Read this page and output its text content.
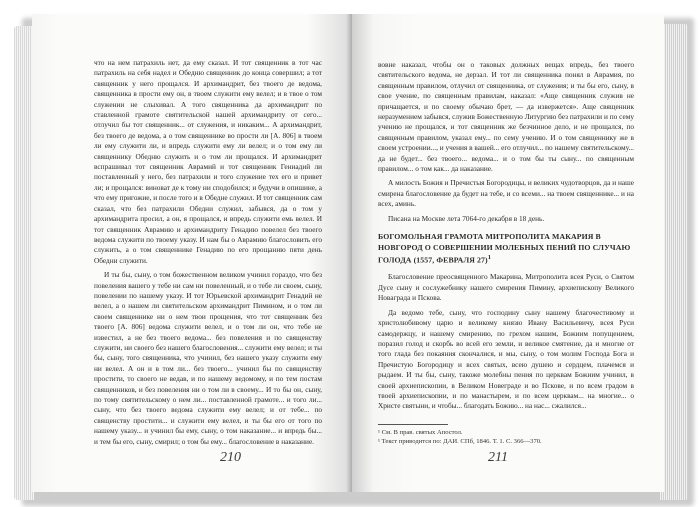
что на нем патрахиль нет, да ему сказал. И тот священник в тот час патрахиль на себя надел и Обедню священник до конца совершил; а тот священник у него прощался. И архимандрит, без твоего де ведома, священника в прости ему он, в твоем служити ему велел; и в твое о том служении не слыхивал. А того священника да архимандрит по ставленной грамоте святительской нашей архимандриту от сего... отлучил бы тот священник... от служения, и никаким... А архимандрит, без твоего де ведома, а о том священнике во прости ли [А. 806] в твоем ли ему служити ли, и впредь служити ему ли велел; и о том ему ли священнику Обедню служить и о том ли прощался. И архимандрит вспрашивал тот священник Аврамий и тот священник Гениадий ли поставленный у него, без патрахили и того служение тех его и привет ли; и прощался: виноват де к тому ни сподобился; и будучи в опишине, а что ему пригожие, и после того и в Обедне служил. И тот священник сам сказал, что без патрахили Обедни служил, забывся, да о том у архимандрита просил, а он, я прощался, и впредь служити емь велел. И тот священник Аврамию и архимандриту Генадию повелел без твоего ведома служити по твоему указу. И нам бы о Аврамию благословить его служить, а о том священнике Генадию по его прощанию пяти день Обедни служити.

И ты бы, сыну, о том божественном великом учинил гораздо, что без повеления вашего у тебе ни сам ни повеленный, и о тебе ли своем, сыну, повелении по нашему указу. И тот Юрьевской архимандрит Генадий не велел, а о нашем ли святительском архимандрит Пимином, и о том ли своем священнике ни о нем твои прощения, что тот священник без твоего [А. 806] ведома служити велел, и о том ли он, что тебе не известил, а не без твоего ведома... без повеления и по священству служити, ни своего без нашего благословения... служити ему велел; и ты бы, сыну, того священника, что учинил, без нашего указу служити ему ни велел. А он и в том ли... без твоего... учинил бы по священству простити, то своего не ведав, и по нашему ведомому, и по тем постам священников, и без повеления ни о том ли в своему... И то бы он, сыну, по тому святительскому о нем ли... поставленной грамоте... и того ли... сыну, что без твоего ведома служити ему велел; и от тебе... по священству простити... и служити ему велел, и ты бы его от того по нашему указу... и учинил бы ему, сыну, о том наказание... и впредь бы... и тем бы его, сыну, смирил; о том бы ему... благословение в наказание.

210

вовне наказал, чтобы он о таковых должных вещах впредь, без твоего святительского ведома, не дерзал. И тот ли священника понял в Аврамия, по священным правилом, отлучил от священника, от служения; и ты бы его, сыну, в свое учение, по священным правилам, наказал: «Аще священник служив не причащается, и по своему обычаю брет, — да извержется». Аще священник неразумением забывся, служив Божественную Литургию без патрахили и по сему учению не прощался, и тот священник же безчинное дело, и не прощался, по священным правилом, указал ему... по сему учению. И о том священнику же в своем устроении..., и учения в вашей... его отлучил... по нашему святительскому... да не будет... без твоего... ведома... и о том бы ты сыну... по священным правилом... о том как... да наказание.

А милость Божия и Пречистыя Богородицы, и великих чудотворцов, да и наше смирена благословение да будет на тебе, и со всеми... на твоем священнике... и на всех, аминь.

Писана на Москве лета 7064-го декабря в 18 день.

БОГОМОЛЬНАЯ ГРАМОТА МИТРОПОЛИТА МАКАРИЯ В НОВГОРОД О СОВЕРШЕНИИ МОЛЕБНЫХ ПЕНИЙ ПО СЛУЧАЮ ГОЛОДА (1557, ФЕВРАЛЯ 27)$^1$

Благословение преосвященного Макарина, Митрополита всея Руси, о Святом Дусе сыну и сослужебнику нашего смирения Пимину, архиепископу Великого Новаграда и Пскова.

Да ведомо тебе, сыну, что господину сыну нашему благочестивому и христолюбивому царю и великому князю Ивану Васильевичу, всея Руси самодержцу, и нашему смирению, по грехом нашим, Божиим попущением, поразил голод и скорбь во всей его земли, и великое смятение, да и многие от того глада без покаяния скончалися, и мы, сыну, о том молим Господа Бога и Пречистую Богородицу и всех святых, всею душею и сердцем, плачемся и рыдаем. И ты бы, сыну, такоже молебны пения по церквам Божиим учинил, в своей архиепископии, в Великом Новеграде и во Пскове, и по всем градом в твоей архиепископии, и по манастырем, и по всем церквам... на многие... о Христе святыни, и чтобы... благодать Божию... на нас... сжалился...

¹ См. В прав. святых Апостол.
¹ Текст приводится по: ДАИ. СПб, 1846. Т. 1. С. 366—370.
211
